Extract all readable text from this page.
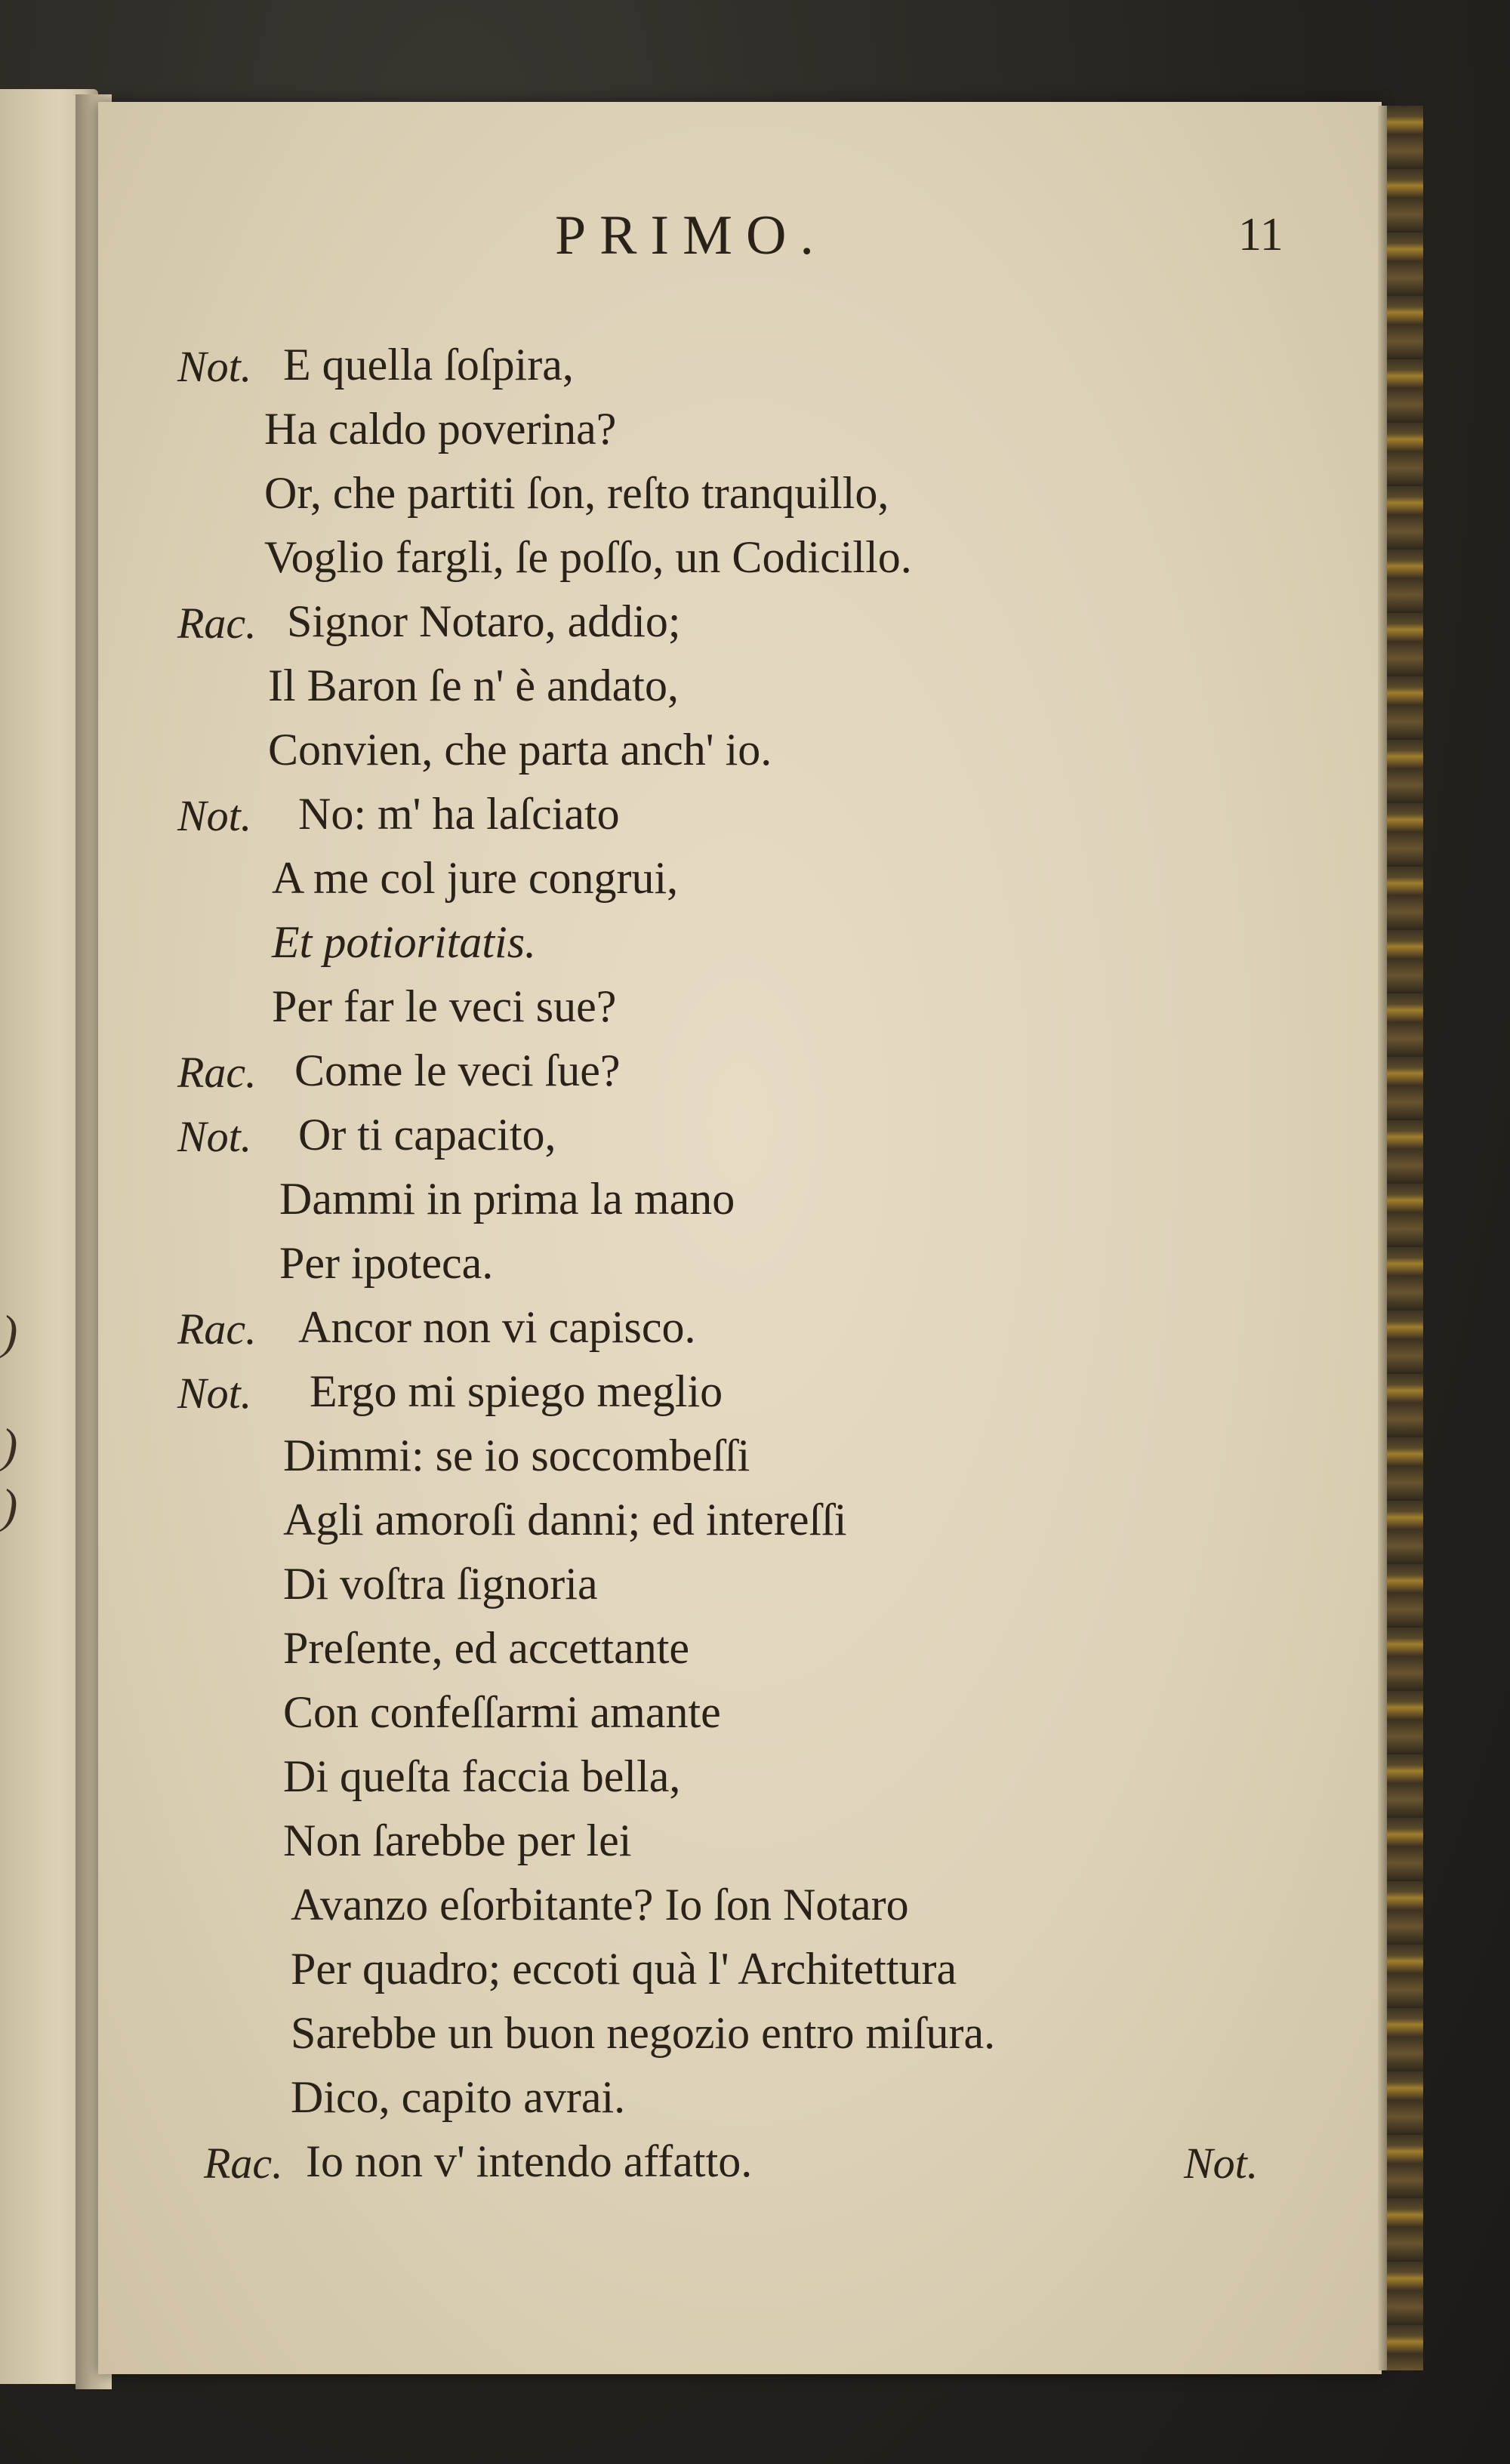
)
)
)
PRIMO.	11
Not. E quella ſoſpira,
Ha caldo poverina?
Or, che partiti ſon, reſto tranquillo,
Voglio fargli, ſe poſſo, un Codicillo.
Rac. Signor Notaro, addio;
Il Baron ſe n' è andato,
Convien, che parta anch' io.
Not. No: m' ha laſciato
A me col jure congrui,
Et potioritatis.
Per far le veci sue?
Rac. Come le veci ſue?
Not. Or ti capacito,
Dammi in prima la mano
Per ipoteca.
Rac. Ancor non vi capisco.
Not. Ergo mi spiego meglio
Dimmi: se io soccombeſſi
Agli amoroſi danni; ed intereſſi
Di voſtra ſignoria
Preſente, ed accettante
Con confeſſarmi amante
Di queſta faccia bella,
Non ſarebbe per lei
Avanzo eſorbitante? Io ſon Notaro
Per quadro; eccoti quà l' Architettura
Sarebbe un buon negozio entro miſura.
Dico, capito avrai.
Rac. Io non v' intendo affatto.	Not.
